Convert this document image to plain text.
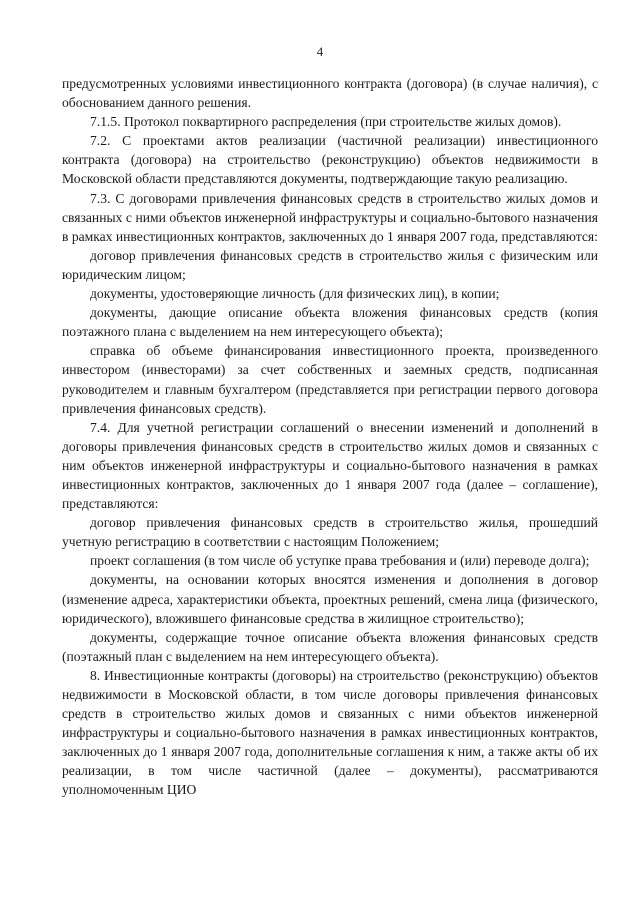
4

предусмотренных условиями инвестиционного контракта (договора) (в случае наличия), с обоснованием данного решения.

7.1.5. Протокол поквартирного распределения (при строительстве жилых домов).

7.2. С проектами актов реализации (частичной реализации) инвестиционного контракта (договора) на строительство (реконструкцию) объектов недвижимости в Московской области представляются документы, подтверждающие такую реализацию.

7.3. С договорами привлечения финансовых средств в строительство жилых домов и связанных с ними объектов инженерной инфраструктуры и социально-бытового назначения в рамках инвестиционных контрактов, заключенных до 1 января 2007 года, представляются:

договор привлечения финансовых средств в строительство жилья с физическим или юридическим лицом;

документы, удостоверяющие личность (для физических лиц), в копии;

документы, дающие описание объекта вложения финансовых средств (копия поэтажного плана с выделением на нем интересующего объекта);

справка об объеме финансирования инвестиционного проекта, произведенного инвестором (инвесторами) за счет собственных и заемных средств, подписанная руководителем и главным бухгалтером (представляется при регистрации первого договора привлечения финансовых средств).

7.4. Для учетной регистрации соглашений о внесении изменений и дополнений в договоры привлечения финансовых средств в строительство жилых домов и связанных с ним объектов инженерной инфраструктуры и социально-бытового назначения в рамках инвестиционных контрактов, заключенных до 1 января 2007 года (далее – соглашение), представляются:

договор привлечения финансовых средств в строительство жилья, прошедший учетную регистрацию в соответствии с настоящим Положением;

проект соглашения (в том числе об уступке права требования и (или) переводе долга);

документы, на основании которых вносятся изменения и дополнения в договор (изменение адреса, характеристики объекта, проектных решений, смена лица (физического, юридического), вложившего финансовые средства в жилищное строительство);

документы, содержащие точное описание объекта вложения финансовых средств (поэтажный план с выделением на нем интересующего объекта).

8. Инвестиционные контракты (договоры) на строительство (реконструкцию) объектов недвижимости в Московской области, в том числе договоры привлечения финансовых средств в строительство жилых домов и связанных с ними объектов инженерной инфраструктуры и социально-бытового назначения в рамках инвестиционных контрактов, заключенных до 1 января 2007 года, дополнительные соглашения к ним, а также акты об их реализации, в том числе частичной (далее – документы), рассматриваются уполномоченным ЦИО
